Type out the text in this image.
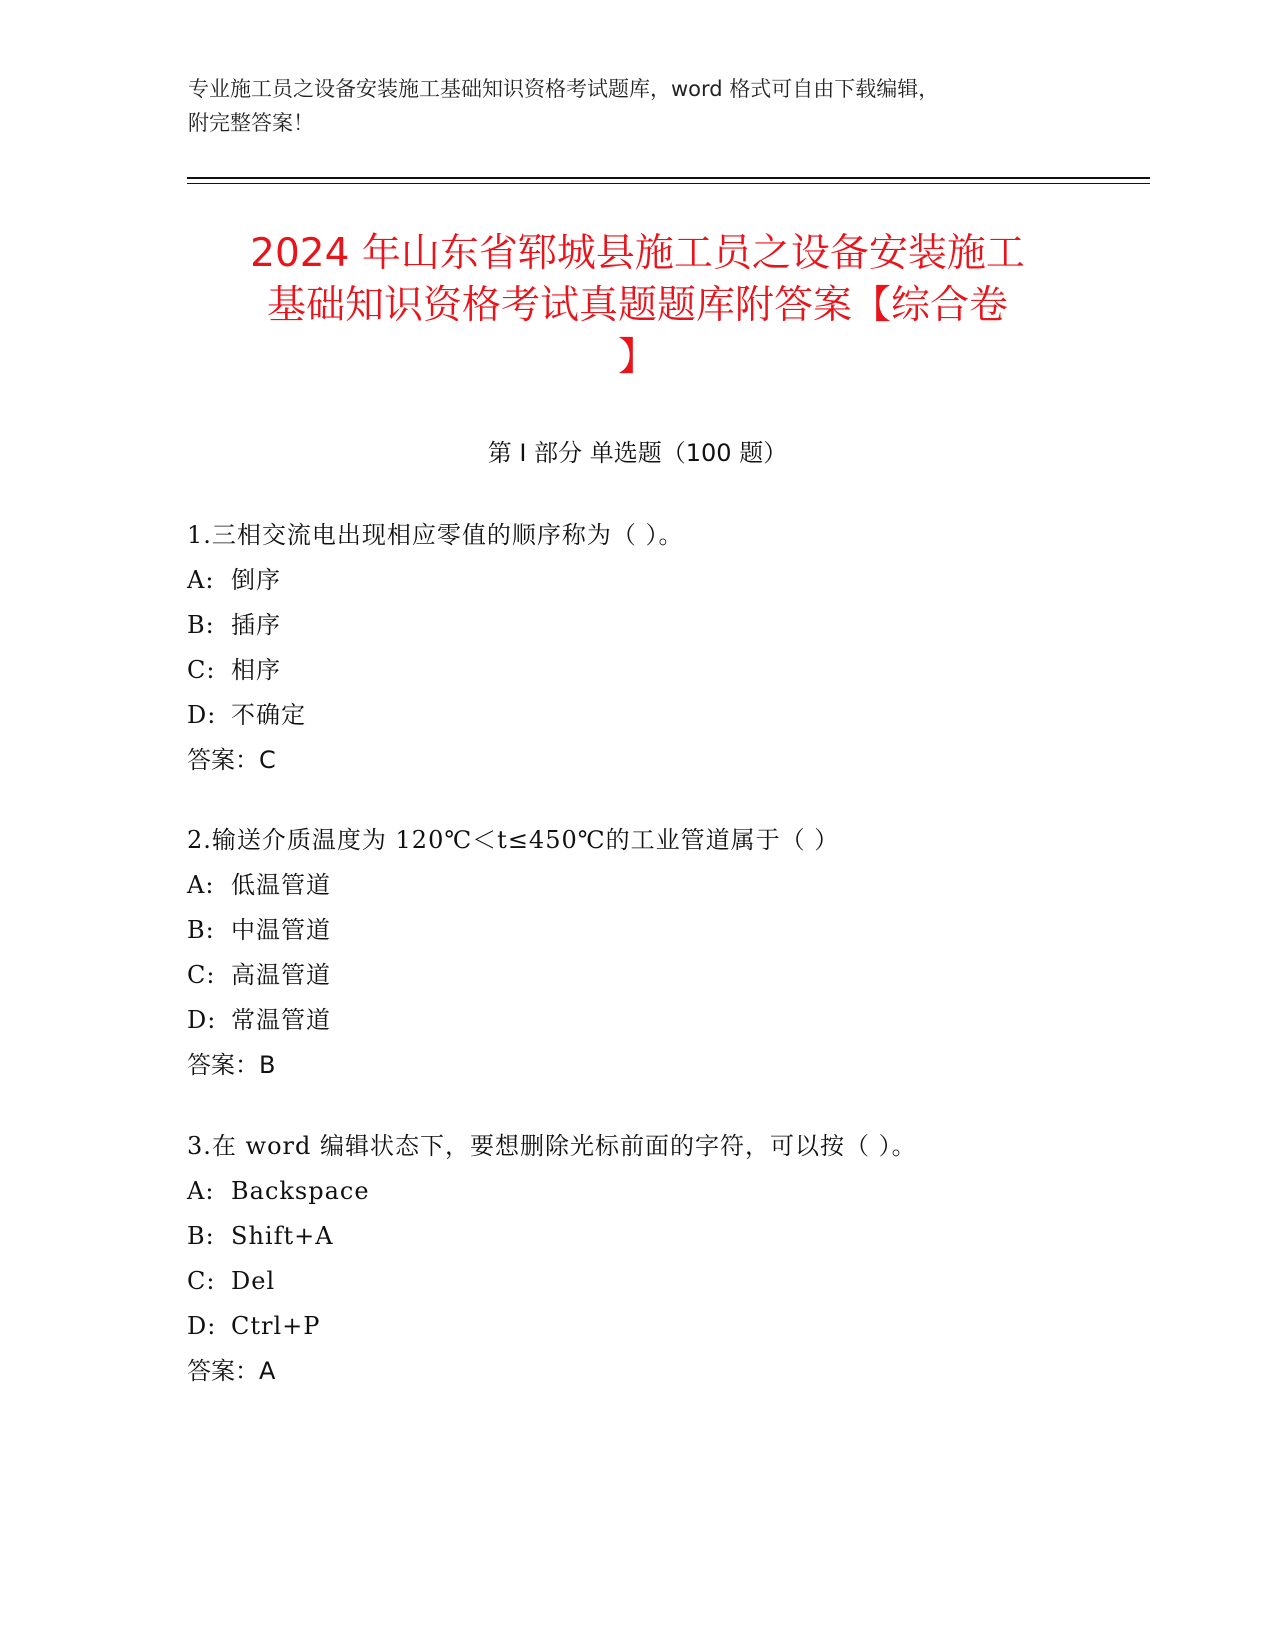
专业施工员之设备安装施工基础知识资格考试题库，word 格式可自由下载编辑，
附完整答案！
2024 年山东省郓城县施工员之设备安装施工
基础知识资格考试真题题库附答案【综合卷
】
第 I 部分 单选题（100 题）
1.三相交流电出现相应零值的顺序称为（ ）。
A: 倒序
B: 插序
C: 相序
D: 不确定
答案：C
2.输送介质温度为 120℃＜t≤450℃的工业管道属于（ ）
A: 低温管道
B: 中温管道
C: 高温管道
D: 常温管道
答案：B
3.在 word 编辑状态下，要想删除光标前面的字符，可以按（ ）。
A: Backspace
B: Shift+A
C: Del
D: Ctrl+P
答案：A
